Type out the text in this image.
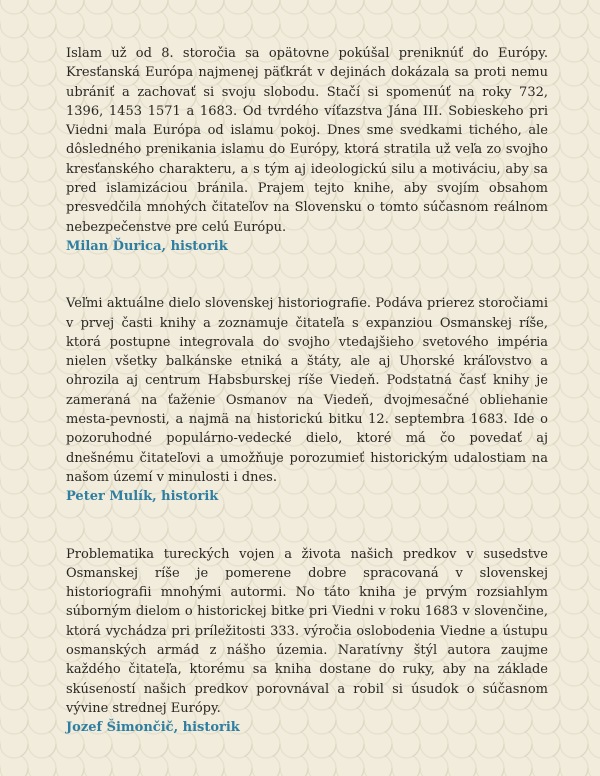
Islam už od 8. storočia sa opätovne pokúšal preniknúť do Európy. Kresťanská Európa najmenej päťkrát v dejinách dokázala sa proti nemu ubrániť a zachovať si svoju slobodu. Stačí si spomenúť na roky 732, 1396, 1453 1571 a 1683. Od tvrdého víťazstva Jána III. Sobieskeho pri Viedni mala Európa od islamu pokoj. Dnes sme svedkami tichého, ale dôsledného prenikania islamu do Európy, ktorá stratila už veľa zo svojho kresťanského charakteru, a s tým aj ideologickú silu a motiváciu, aby sa pred islamizáciou bránila. Prajem tejto knihe, aby svojím obsahom presvedčila mnohých čitateľov na Slovensku o tomto súčasnom reálnom nebezpečenstve pre celú Európu.

Milan Ďurica, historik

Veľmi aktuálne dielo slovenskej historiografie. Podáva prierez storočiami v prvej časti knihy a zoznamuje čitateľa s expanziou Osmanskej ríše, ktorá postupne integrovala do svojho vtedajšieho svetového impéria nielen všetky balkánske etniká a štáty, ale aj Uhorské kráľovstvo a ohrozila aj centrum Habsburskej ríše Viedeň. Podstatná časť knihy je zameraná na ťaženie Osmanov na Viedeň, dvojmesačné obliehanie mesta-pevnosti, a najmä na historickú bitku 12. septembra 1683. Ide o pozoruhodné populárno-vedecké dielo, ktoré má čo povedať aj dnešnému čitateľovi a umožňuje porozumieť historickým udalostiam na našom území v minulosti i dnes.

Peter Mulík, historik

Problematika tureckých vojen a života našich predkov v susedstve Osmanskej ríše je pomerene dobre spracovaná v slovenskej historiografii mnohými autormi. No táto kniha je prvým rozsiahlym súborným dielom o historickej bitke pri Viedni v roku 1683 v slovenčine, ktorá vychádza pri príležitosti 333. výročia oslobodenia Viedne a ústupu osmanských armád z nášho územia. Naratívny štýl autora zaujme každého čitateľa, ktorému sa kniha dostane do ruky, aby na základe skúseností našich predkov porovnával a robil si úsudok o súčasnom vývine strednej Európy.

Jozef Šimončič, historik
